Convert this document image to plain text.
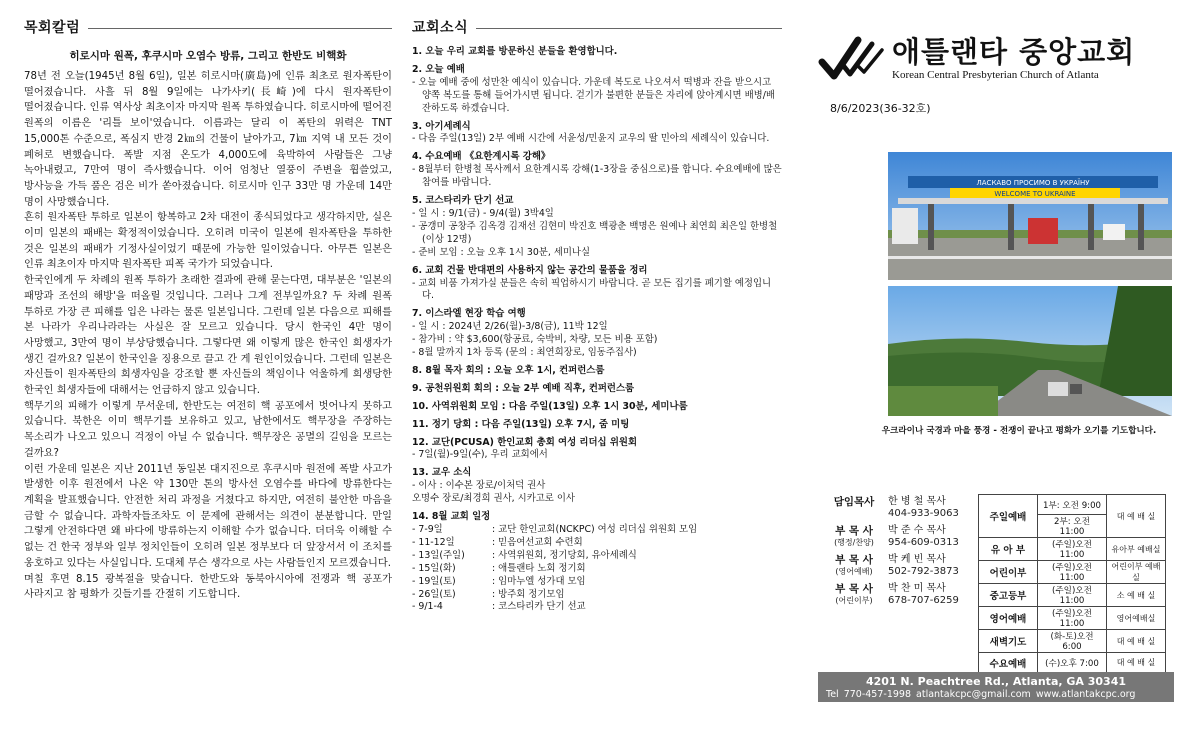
목회칼럼
히로시마 원폭, 후쿠시마 오염수 방류, 그리고 한반도 비핵화

78년 전 오늘(1945년 8월 6일), 일본 히로시마(廣島)에 인류 최초로 원자폭탄이 떨어졌습니다. 사흘 뒤 8월 9일에는 나가사키(長崎)에 다시 원자폭탄이 떨어졌습니다. 인류 역사상 최초이자 마지막 원폭 투하였습니다. 히로시마에 떨어진 원폭의 이름은 '리틀 보이'였습니다. 이름과는 달리 이 폭탄의 위력은 TNT 15,000톤 수준으로, 폭심지 반경 2㎞의 건물이 날아가고, 7㎞ 지역 내 모든 것이 폐허로 변했습니다. 폭발 지점 온도가 4,000도에 육박하여 사람들은 그냥 녹아내렸고, 7만여 명이 즉사했습니다. 이어 엄청난 열풍이 주변을 휩쓸었고, 방사능을 가득 품은 검은 비가 쏟아졌습니다. 히로시마 인구 33만 명 가운데 14만 명이 사망했습니다.

흔히 원자폭탄 투하로 일본이 항복하고 2차 대전이 종식되었다고 생각하지만, 실은 이미 일본의 패배는 확정적이었습니다. 오히려 미국이 일본에 원자폭탄을 투하한 것은 일본의 패배가 기정사실이었기 때문에 가능한 일이었습니다. 아무튼 일본은 인류 최초이자 마지막 원자폭탄 피폭 국가가 되었습니다.

한국인에게 두 차례의 원폭 투하가 초래한 결과에 관해 묻는다면, 대부분은 '일본의 패망과 조선의 해방'을 떠올릴 것입니다. 그러나 그게 전부일까요? 두 차례 원폭 투하로 가장 큰 피해를 입은 나라는 물론 일본입니다. 그런데 일본 다음으로 피해를 본 나라가 우리나라라는 사실은 잘 모르고 있습니다. 당시 한국인 4만 명이 사망했고, 3만여 명이 부상당했습니다. 그렇다면 왜 이렇게 많은 한국인 희생자가 생긴 걸까요? 일본이 한국인을 징용으로 끌고 간 게 원인이었습니다. 그런데 일본은 자신들이 원자폭탄의 희생자임을 강조할 뿐 자신들의 책임이나 억울하게 희생당한 한국인 희생자들에 대해서는 언급하지 않고 있습니다.

핵무기의 피해가 이렇게 무서운데, 한반도는 여전히 핵 공포에서 벗어나지 못하고 있습니다. 북한은 이미 핵무기를 보유하고 있고, 남한에서도 핵무장을 주장하는 목소리가 나오고 있으니 걱정이 아닐 수 없습니다. 핵무장은 공멸의 길임을 모르는 걸까요?

이런 가운데 일본은 지난 2011년 동일본 대지진으로 후쿠시마 원전에 폭발 사고가 발생한 이후 원전에서 나온 약 130만 톤의 방사선 오염수를 바다에 방류한다는 계획을 발표했습니다. 안전한 처리 과정을 거쳤다고 하지만, 여전히 불안한 마음을 금할 수 없습니다. 과학자들조차도 이 문제에 관해서는 의견이 분분합니다. 만일 그렇게 안전하다면 왜 바다에 방류하는지 이해할 수가 없습니다. 더더욱 이해할 수 없는 건 한국 정부와 일부 정치인들이 오히려 일본 정부보다 더 앞장서서 이 조치를 옹호하고 있다는 사실입니다. 도대체 무슨 생각으로 사는 사람들인지 모르겠습니다.

며칠 후면 8.15 광복절을 맞습니다. 한반도와 동북아시아에 전쟁과 핵 공포가 사라지고 참 평화가 깃들기를 간절히 기도합니다.

교회소식
1. 오늘 우리 교회를 방문하신 분들을 환영합니다.
2. 오늘 예배
- 오늘 예배 중에 성만찬 예식이 있습니다. 가운데 복도로 나오셔서 떡병과 잔을 받으시고 양쪽 복도를 통해 들어가시면 됩니다. 걷기가 불편한 분들은 자리에 앉아계시면 배병/배잔하도록 하겠습니다.
3. 아기세례식
- 다음 주일(13일) 2부 예배 시간에 서윤성/민윤지 교우의 딸 민아의 세례식이 있습니다.
4. 수요예배 《요한계시록 강해》
- 8월부터 한병철 목사께서 요한계시록 강해(1-3장을 중심으로)를 합니다. 수요예배에 많은 참여를 바랍니다.
5. 코스타리카 단기 선교
- 일 시 : 9/1(금) - 9/4(월) 3박4일
- 공갱미 공창주 김옥경 김재선 김현미 박진호 백광춘 백명은 원예나 최연희 최은일 한병철 (이상 12명)
- 준비 모임 : 오늘 오후 1시 30분, 세미나실
6. 교회 건물 반대편의 사용하지 않는 공간의 물품을 정리
- 교회 비품 가져가실 분들은 속히 픽업하시기 바랍니다. 곧 모든 집기를 폐기할 예정입니다.
7. 이스라엘 현장 학습 여행
- 일 시 : 2024년 2/26(월)-3/8(금), 11박 12일
- 참가비 : 약 $3,600(항공료, 숙박비, 차량, 모든 비용 포함)
- 8월 말까지 1차 등록 (문의 : 최연희장로, 임동주집사)
8. 8월 목자 회의 : 오늘 오후 1시, 컨퍼런스룸
9. 공천위원회 회의 : 오늘 2부 예배 직후, 컨퍼런스룸
10. 사역위원회 모임 : 다음 주일(13일) 오후 1시 30분, 세미나룸
11. 정기 당회 : 다음 주일(13일) 오후 7시, 줌 미팅
12. 교단(PCUSA) 한인교회 총회 여성 리더십 위원회
- 7일(월)-9일(수), 우리 교회에서
13. 교우 소식
- 이사 : 이수본 장로/이처덕 권사
오명수 장로/최경희 권사, 시카고로 이사
14. 8월 교회 일정
- 7-9일	: 교단 한인교회(NCKPC) 여성 리더십 위원회 모임
- 11-12일	: 믿음여선교회 수련회
- 13일(주일)	: 사역위원회, 정기당회, 유아세례식
- 15일(화)	: 애틀랜타 노회 정기회
- 19일(토)	: 임마누엘 성가대 모임
- 26일(토)	: 방주회 정기모임
- 9/1-4	: 코스타리카 단기 선교
애틀랜타 중앙교회
Korean Central Presbyterian Church of Atlanta
8/6/2023(36-32호)
ЛАСКАВО ПРОСИМО В УКРАЇНУ
WELCOME TO UKRAINE
우크라이나 국경과 마을 풍경 - 전쟁이 끝나고 평화가 오기를 기도합니다.
담임목사	한 병 철 목사
404-933-9063
부 목 사
(행정/찬양)
박 준 수 목사
954-609-0313
부 목 사
(영어예배)
박 케 빈 목사
502-792-3873
부 목 사
(어린이부)
박 찬 미 목사
678-707-6259
주일예배	1부: 오전 9:00	대 예 배 실
	2부: 오전 11:00	
유 아 부	(주일)오전 11:00	유아부 예배실
어린이부	(주일)오전 11:00	어린이부 예배실
중고등부	(주일)오전 11:00	소 예 배 실
영어예배	(주일)오전 11:00	영어예배실
새벽기도	(화-토)오전 6:00	대 예 배 실
수요예배	(수)오후 7:00	대 예 배 실
4201 N. Peachtree Rd., Atlanta, GA 30341
Tel 770-457-1998 atlantakcpc@gmail.com www.atlantakcpc.org
